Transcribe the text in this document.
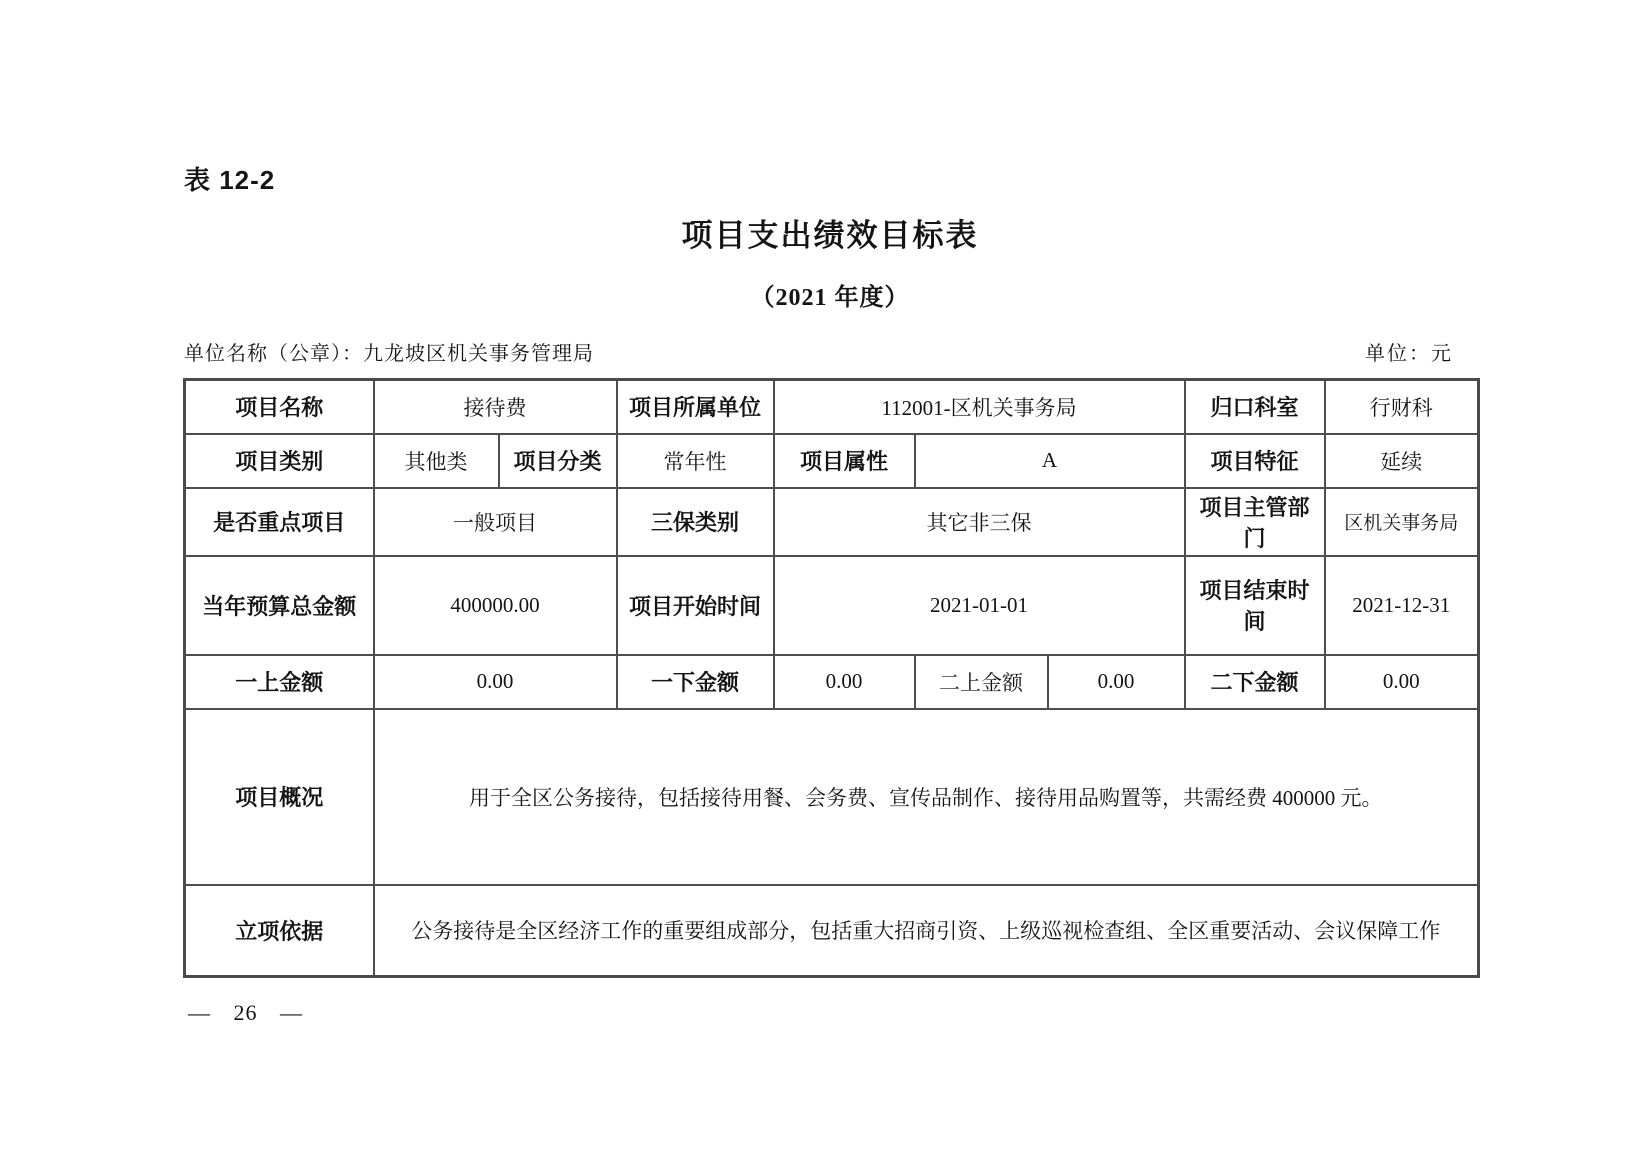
表 12-2
项目支出绩效目标表
（2021 年度）
单位名称（公章）：九龙坡区机关事务管理局	单位：元
项目名称	接待费		项目所属单位	112001-区机关事务局			归口科室	行财科
项目类别	其他类	项目分类	常年性	项目属性	A		项目特征	延续
是否重点项目	一般项目		三保类别	其它非三保			项目主管部门	区机关事务局
当年预算总金额	400000.00		项目开始时间	2021-01-01			项目结束时间	2021-12-31
一上金额	0.00		一下金额	0.00	二上金额	0.00	二下金额	0.00
项目概况	用于全区公务接待，包括接待用餐、会务费、宣传品制作、接待用品购置等，共需经费 400000 元。							
立项依据	公务接待是全区经济工作的重要组成部分，包括重大招商引资、上级巡视检查组、全区重要活动、会议保障工作							
— 26 —
